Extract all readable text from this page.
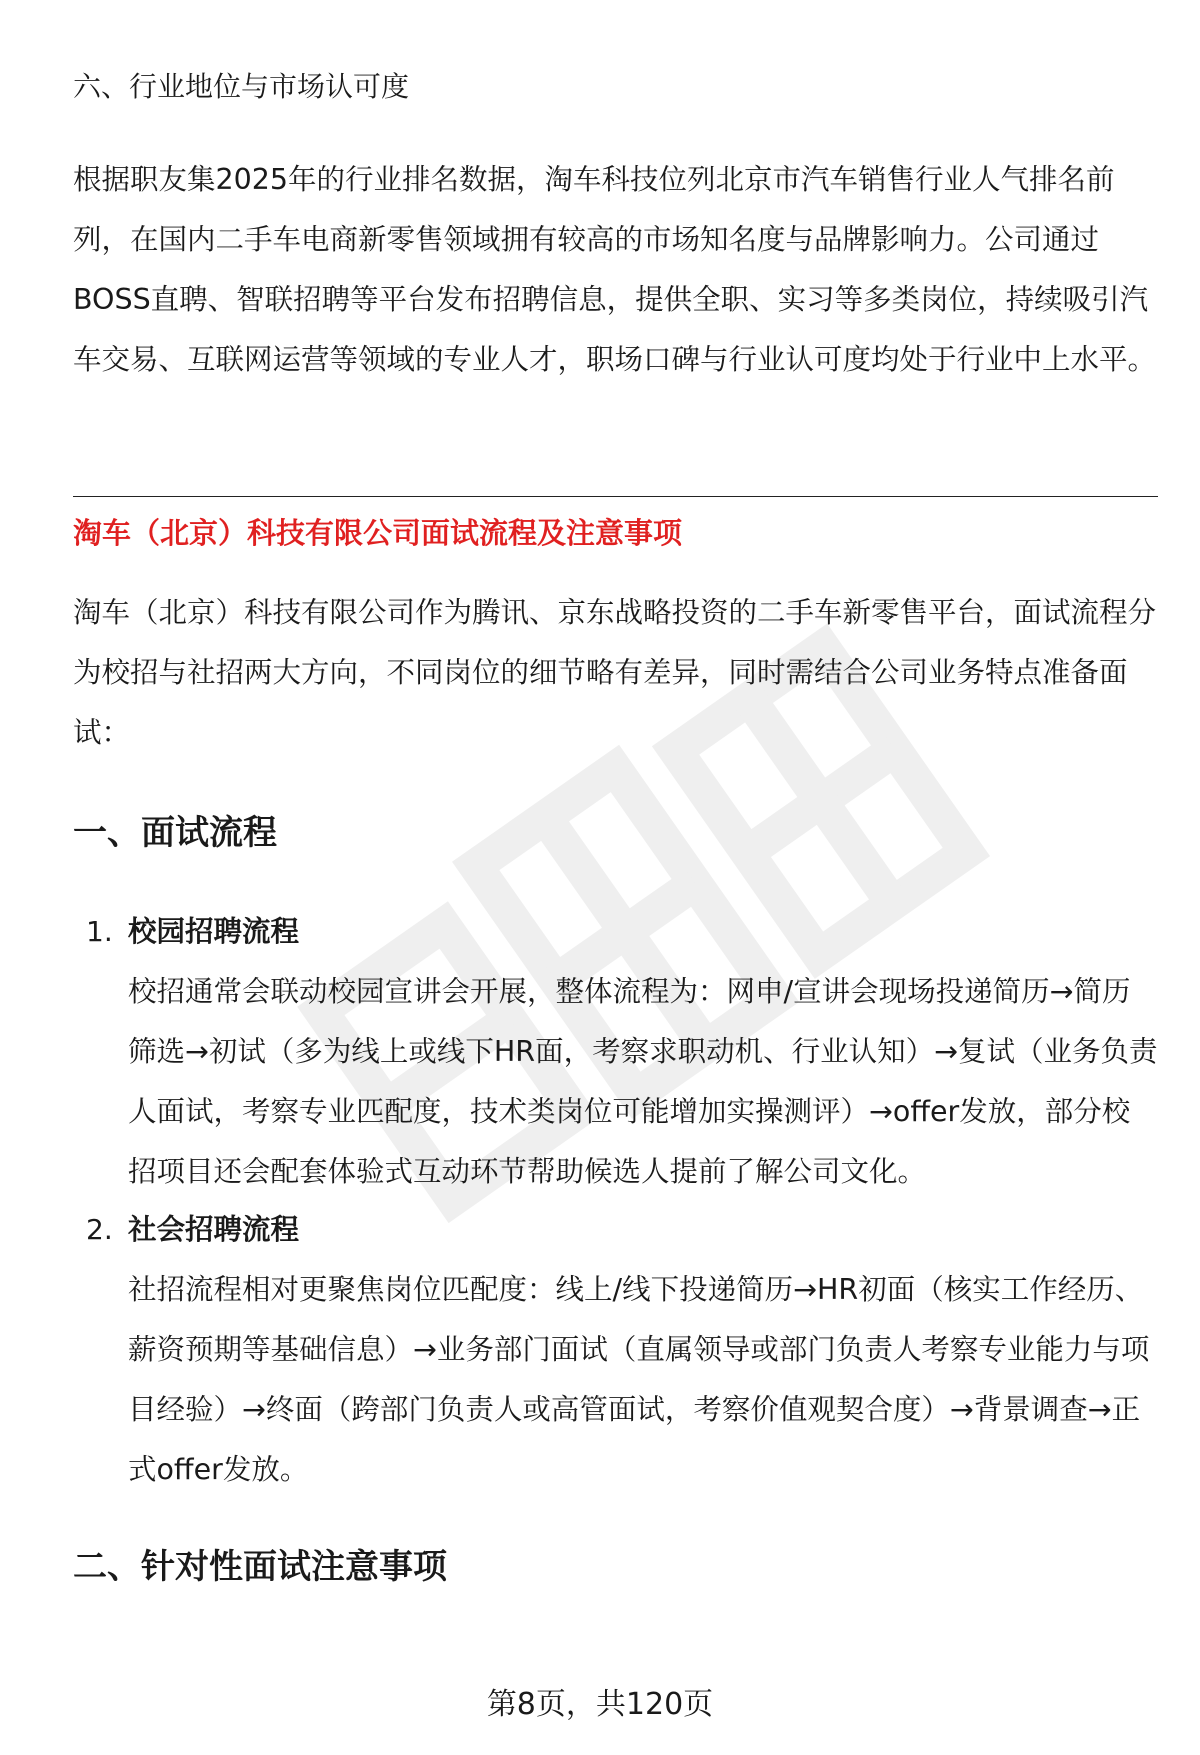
六、行业地位与市场认可度

根据职友集2025年的行业排名数据，淘车科技位列北京市汽车销售行业人气排名前列，在国内二手车电商新零售领域拥有较高的市场知名度与品牌影响力。公司通过BOSS直聘、智联招聘等平台发布招聘信息，提供全职、实习等多类岗位，持续吸引汽车交易、互联网运营等领域的专业人才，职场口碑与行业认可度均处于行业中上水平。

淘车（北京）科技有限公司面试流程及注意事项

淘车（北京）科技有限公司作为腾讯、京东战略投资的二手车新零售平台，面试流程分为校招与社招两大方向，不同岗位的细节略有差异，同时需结合公司业务特点准备面试：

一、面试流程
1. 校园招聘流程
校招通常会联动校园宣讲会开展，整体流程为：网申/宣讲会现场投递简历→简历筛选→初试（多为线上或线下HR面，考察求职动机、行业认知）→复试（业务负责人面试，考察专业匹配度，技术类岗位可能增加实操测评）→offer发放，部分校招项目还会配套体验式互动环节帮助候选人提前了解公司文化。
2. 社会招聘流程
社招流程相对更聚焦岗位匹配度：线上/线下投递简历→HR初面（核实工作经历、薪资预期等基础信息）→业务部门面试（直属领导或部门负责人考察专业能力与项目经验）→终面（跨部门负责人或高管面试，考察价值观契合度）→背景调查→正式offer发放。
二、针对性面试注意事项
第8页，共120页
